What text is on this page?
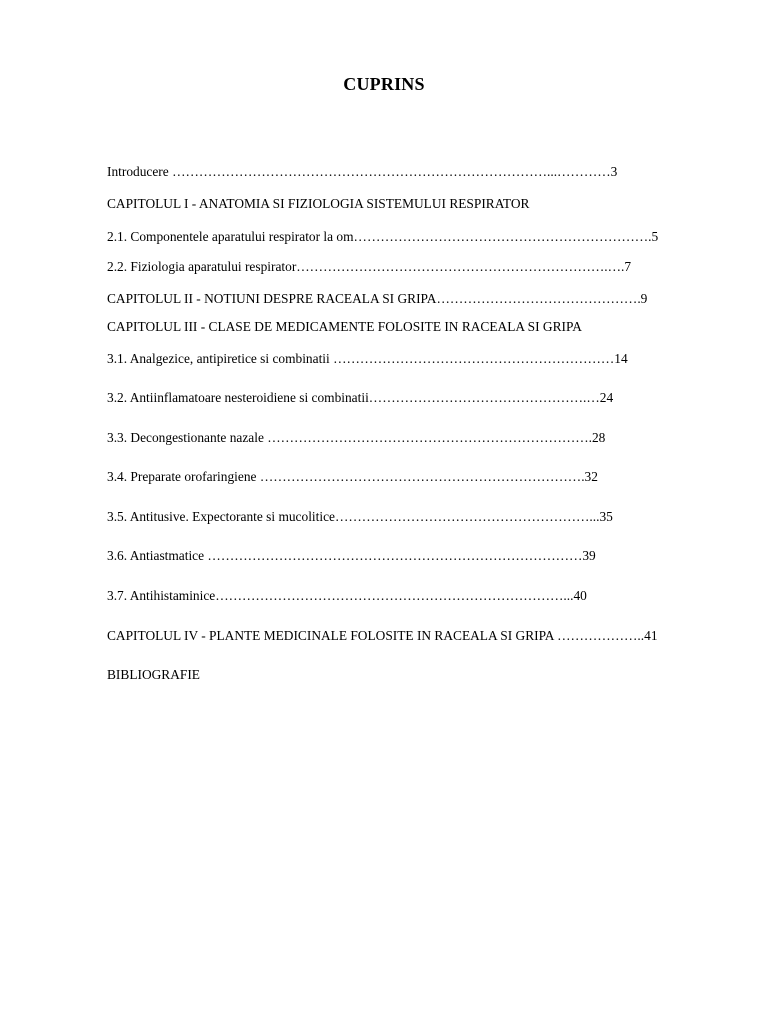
CUPRINS
Introducere …………………………………………………………………………...…………3
CAPITOLUL I - ANATOMIA SI FIZIOLOGIA SISTEMULUI RESPIRATOR
2.1. Componentele aparatului respirator la om………………………………………………………….5
2.2. Fiziologia aparatului respirator…………………………………………………………….….7
CAPITOLUL II - NOTIUNI DESPRE RACEALA SI GRIPA……………………………………….9
CAPITOLUL III - CLASE DE MEDICAMENTE FOLOSITE IN RACEALA SI GRIPA
3.1. Analgezice, antipiretice si combinatii ………………………………………………………14
3.2. Antiinflamatoare nesteroidiene si combinatii………………………………………….…24
3.3. Decongestionante nazale ……………………………………………………………….28
3.4. Preparate orofaringiene ……………………………………………………………….32
3.5. Antitusive. Expectorante si mucolitice…………………………………………………...35
3.6. Antiastmatice …………………………………………………………………………39
3.7. Antihistaminice……………………………………………………………………...40
CAPITOLUL IV - PLANTE MEDICINALE FOLOSITE IN RACEALA SI GRIPA ………………..41
BIBLIOGRAFIE
